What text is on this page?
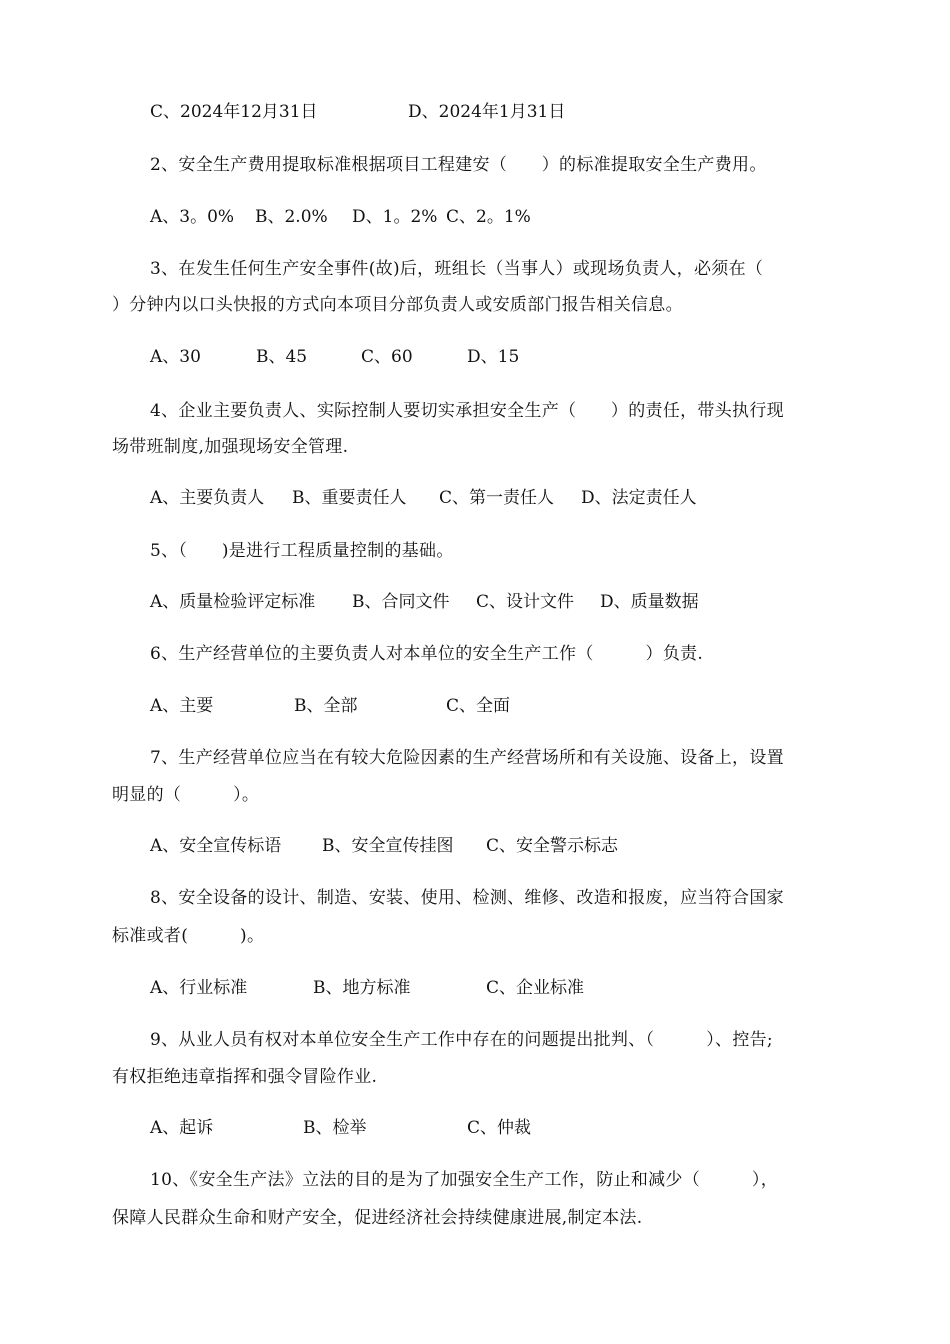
C、2024年12月31日

	D、2024年1月31日

2、安全生产费用提取标准根据项目工程建安（　　）的标准提取安全生产费用。

A、3。0%

B、2.0%

D、1。2%

C、2。1%

3、在发生任何生产安全事件(故)后，班组长（当事人）或现场负责人，必须在（
）分钟内以口头快报的方式向本项目分部负责人或安质部门报告相关信息。

A、30

	B、45

	C、60

	D、15

4、企业主要负责人、实际控制人要切实承担安全生产（　　）的责任，带头执行现
场带班制度,加强现场安全管理.

A、主要负责人

B、重要责任人

C、第一责任人

D、法定责任人

5、（　　)是进行工程质量控制的基础。

A、质量检验评定标准

B、合同文件

C、设计文件

D、质量数据

6、生产经营单位的主要负责人对本单位的安全生产工作（　　　）负责.

A、主要

	B、全部

	C、全面

7、生产经营单位应当在有较大危险因素的生产经营场所和有关设施、设备上，设置
明显的（　　　）。

A、安全宣传标语

B、安全宣传挂图

C、安全警示标志

8、安全设备的设计、制造、安装、使用、检测、维修、改造和报废，应当符合国家
标准或者(　　　)。

A、行业标准

	B、地方标准

	C、企业标准

9、从业人员有权对本单位安全生产工作中存在的问题提出批判、（　　　）、控告;
有权拒绝违章指挥和强令冒险作业.

A、起诉

	B、检举

	C、仲裁

10、《安全生产法》立法的目的是为了加强安全生产工作，防止和减少（　　　），
保障人民群众生命和财产安全，促进经济社会持续健康进展,制定本法.
